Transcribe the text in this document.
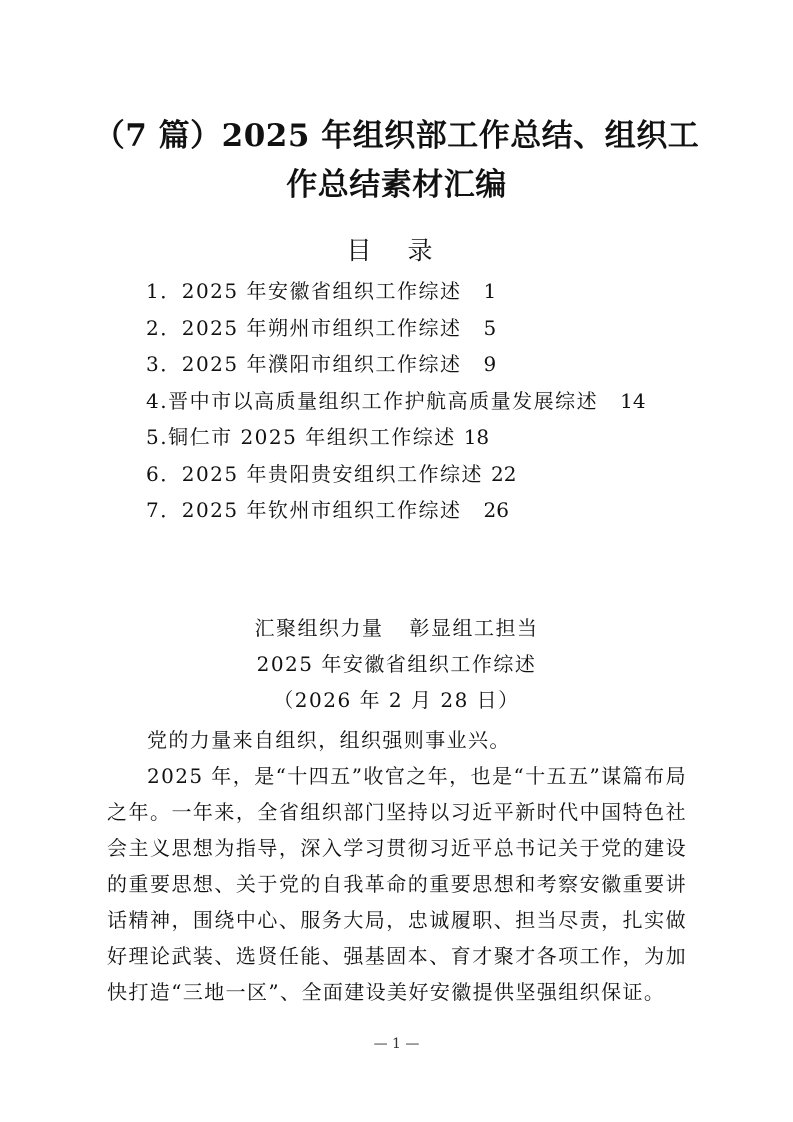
（7 篇）2025 年组织部工作总结、组织工作总结素材汇编
目 录
1．2025 年安徽省组织工作综述 1
2．2025 年朔州市组织工作综述 5
3．2025 年濮阳市组织工作综述 9
4.晋中市以高质量组织工作护航高质量发展综述 14
5.铜仁市 2025 年组织工作综述 18
6．2025 年贵阳贵安组织工作综述 22
7．2025 年钦州市组织工作综述 26
汇聚组织力量 彰显组工担当
2025 年安徽省组织工作综述
（2026 年 2 月 28 日）

党的力量来自组织，组织强则事业兴。

2025 年，是“十四五”收官之年，也是“十五五”谋篇布局之年。一年来，全省组织部门坚持以习近平新时代中国特色社会主义思想为指导，深入学习贯彻习近平总书记关于党的建设的重要思想、关于党的自我革命的重要思想和考察安徽重要讲话精神，围绕中心、服务大局，忠诚履职、担当尽责，扎实做好理论武装、选贤任能、强基固本、育才聚才各项工作，为加快打造“三地一区”、全面建设美好安徽提供坚强组织保证。

— 1 —
